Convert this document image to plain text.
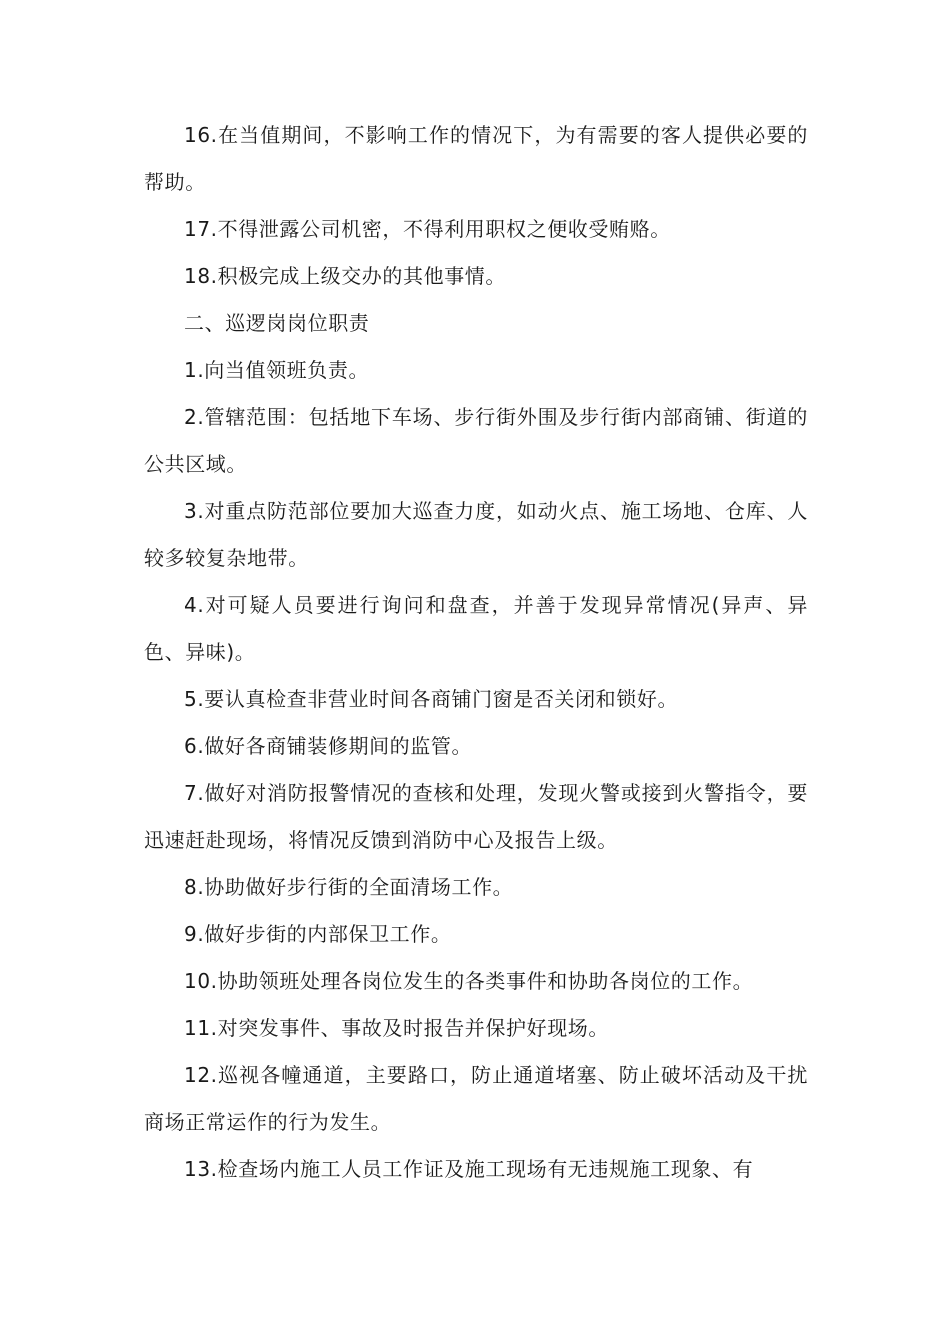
16.在当值期间，不影响工作的情况下，为有需要的客人提供必要的帮助。

17.不得泄露公司机密，不得利用职权之便收受贿赂。

18.积极完成上级交办的其他事情。

二、巡逻岗岗位职责

1.向当值领班负责。

2.管辖范围：包括地下车场、步行街外围及步行街内部商铺、街道的公共区域。

3.对重点防范部位要加大巡查力度，如动火点、施工场地、仓库、人较多较复杂地带。

4.对可疑人员要进行询问和盘查，并善于发现异常情况(异声、异色、异味)。

5.要认真检查非营业时间各商铺门窗是否关闭和锁好。

6.做好各商铺装修期间的监管。

7.做好对消防报警情况的查核和处理，发现火警或接到火警指令，要迅速赶赴现场，将情况反馈到消防中心及报告上级。

8.协助做好步行街的全面清场工作。

9.做好步街的内部保卫工作。

10.协助领班处理各岗位发生的各类事件和协助各岗位的工作。

11.对突发事件、事故及时报告并保护好现场。

12.巡视各幢通道，主要路口，防止通道堵塞、防止破坏活动及干扰商场正常运作的行为发生。

13.检查场内施工人员工作证及施工现场有无违规施工现象、有
